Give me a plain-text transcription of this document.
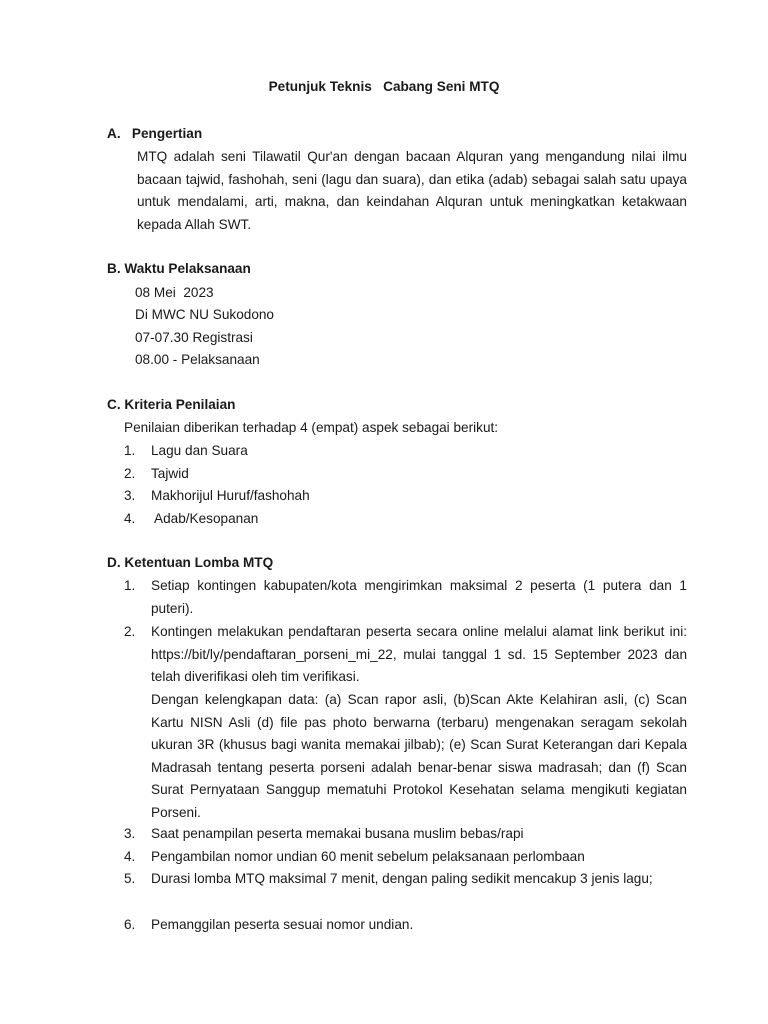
Petunjuk Teknis   Cabang Seni MTQ
A.   Pengertian
MTQ adalah seni Tilawatil Qur'an dengan bacaan Alquran yang mengandung nilai ilmu bacaan tajwid, fashohah, seni (lagu dan suara), dan etika (adab) sebagai salah satu upaya untuk mendalami, arti, makna, dan keindahan Alquran untuk meningkatkan ketakwaan kepada Allah SWT.
B. Waktu Pelaksanaan
08 Mei  2023
Di MWC NU Sukodono
07-07.30 Registrasi
08.00 - Pelaksanaan
C. Kriteria Penilaian
Penilaian diberikan terhadap 4 (empat) aspek sebagai berikut:
1. Lagu dan Suara
2. Tajwid
3. Makhorijul Huruf/fashohah
4. Adab/Kesopanan
D. Ketentuan Lomba MTQ
1. Setiap kontingen kabupaten/kota mengirimkan maksimal 2 peserta (1 putera dan 1 puteri).
2. Kontingen melakukan pendaftaran peserta secara online melalui alamat link berikut ini: https://bit/ly/pendaftaran_porseni_mi_22, mulai tanggal 1 sd. 15 September 2023 dan telah diverifikasi oleh tim verifikasi.
Dengan kelengkapan data: (a) Scan rapor asli, (b)Scan Akte Kelahiran asli, (c) Scan Kartu NISN Asli (d) file pas photo berwarna (terbaru) mengenakan seragam sekolah ukuran 3R (khusus bagi wanita memakai jilbab); (e) Scan Surat Keterangan dari Kepala Madrasah tentang peserta porseni adalah benar-benar siswa madrasah; dan (f) Scan Surat Pernyataan Sanggup mematuhi Protokol Kesehatan selama mengikuti kegiatan Porseni.
3. Saat penampilan peserta memakai busana muslim bebas/rapi
4. Pengambilan nomor undian 60 menit sebelum pelaksanaan perlombaan
5. Durasi lomba MTQ maksimal 7 menit, dengan paling sedikit mencakup 3 jenis lagu;
6. Pemanggilan peserta sesuai nomor undian.
